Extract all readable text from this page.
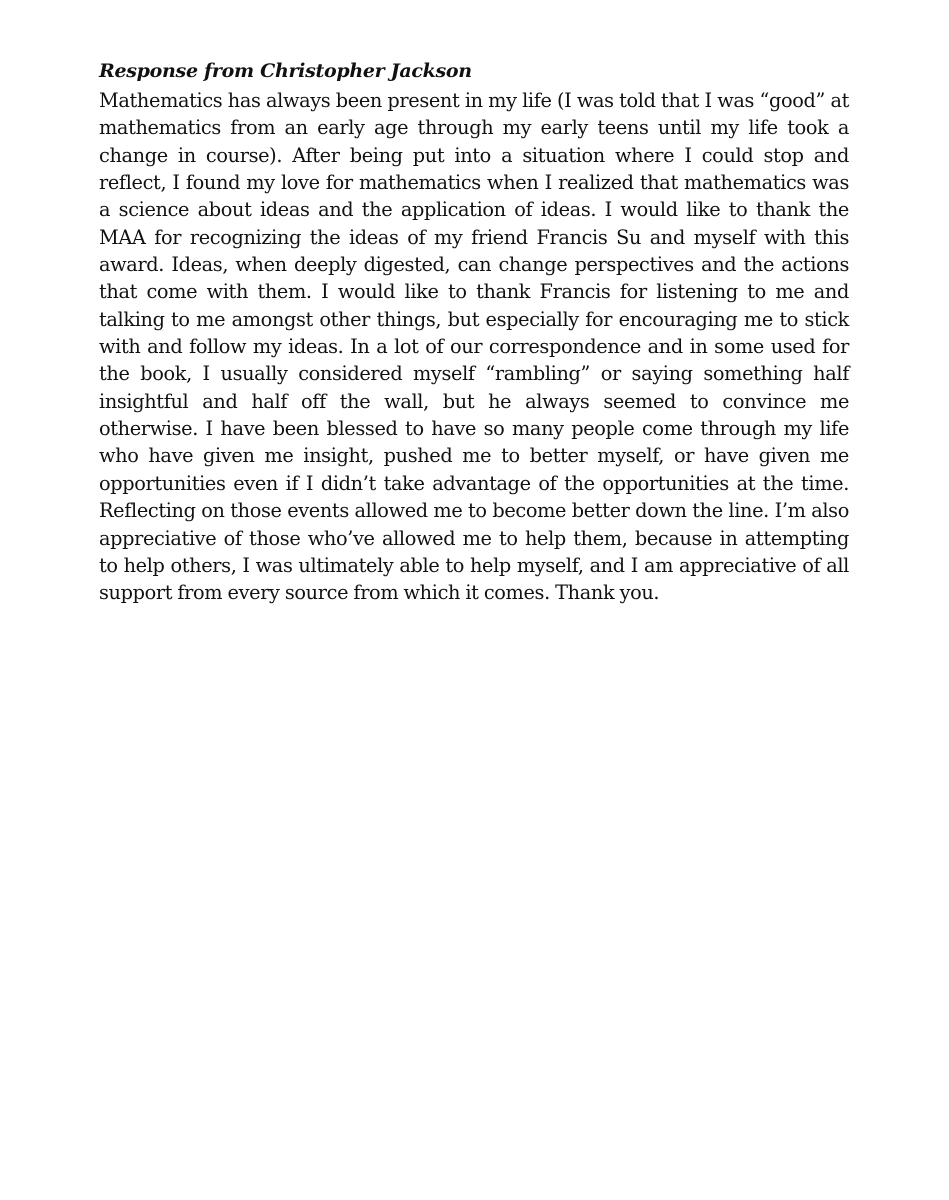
Response from Christopher Jackson

Mathematics has always been present in my life (I was told that I was “good” at mathematics from an early age through my early teens until my life took a change in course). After being put into a situation where I could stop and reflect, I found my love for mathematics when I realized that mathematics was a science about ideas and the application of ideas. I would like to thank the MAA for recognizing the ideas of my friend Francis Su and myself with this award. Ideas, when deeply digested, can change perspectives and the actions that come with them. I would like to thank Francis for listening to me and talking to me amongst other things, but especially for encouraging me to stick with and follow my ideas. In a lot of our correspondence and in some used for the book, I usually considered myself “rambling” or saying something half insightful and half off the wall, but he always seemed to convince me otherwise. I have been blessed to have so many people come through my life who have given me insight, pushed me to better myself, or have given me opportunities even if I didn’t take advantage of the opportunities at the time. Reflecting on those events allowed me to become better down the line. I’m also appreciative of those who’ve allowed me to help them, because in attempting to help others, I was ultimately able to help myself, and I am appreciative of all support from every source from which it comes. Thank you.
